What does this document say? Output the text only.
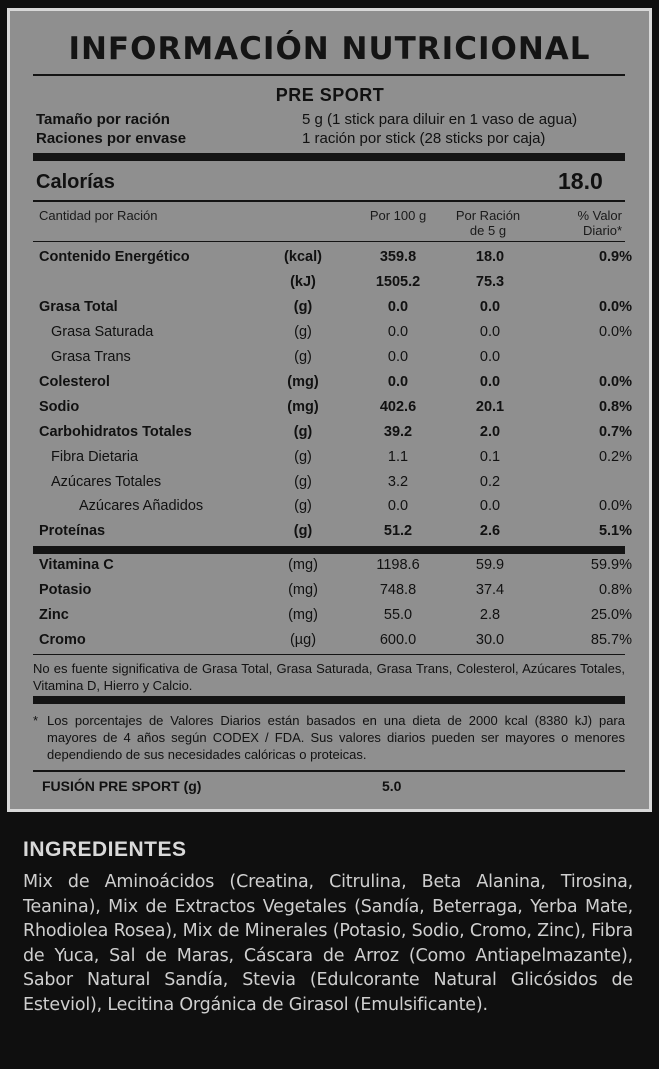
INFORMACIÓN NUTRICIONAL
PRE SPORT
Tamaño por ración	5 g (1 stick para diluir en 1 vaso de agua)
Raciones por envase	1 ración por stick (28 sticks por caja)
Calorías	18.0
Cantidad por Ración	Por 100 g	Por Ración
de 5 g
% Valor
Diario*
Contenido Energético	(kcal)	359.8	18.0	0.9%
(kJ)	1505.2	75.3
Grasa Total	(g)	0.0	0.0	0.0%
Grasa Saturada	(g)	0.0	0.0	0.0%
Grasa Trans	(g)	0.0	0.0
Colesterol	(mg)	0.0	0.0	0.0%
Sodio	(mg)	402.6	20.1	0.8%
Carbohidratos Totales	(g)	39.2	2.0	0.7%
Fibra Dietaria	(g)	1.1	0.1	0.2%
Azúcares Totales	(g)	3.2	0.2
Azúcares Añadidos	(g)	0.0	0.0	0.0%
Proteínas	(g)	51.2	2.6	5.1%
Vitamina C	(mg)	1198.6	59.9	59.9%
Potasio	(mg)	748.8	37.4	0.8%
Zinc	(mg)	55.0	2.8	25.0%
Cromo	(µg)	600.0	30.0	85.7%
No es fuente significativa de Grasa Total, Grasa Saturada, Grasa Trans, Colesterol, Azúcares Totales, Vitamina D, Hierro y Calcio.
* Los porcentajes de Valores Diarios están basados en una dieta de 2000 kcal (8380 kJ) para mayores de 4 años según CODEX / FDA. Sus valores diarios pueden ser mayores o menores dependiendo de sus necesidades calóricas o proteicas.
FUSIÓN PRE SPORT (g)	5.0
INGREDIENTES
Mix de Aminoácidos (Creatina, Citrulina, Beta Alanina, Tirosina, Teanina), Mix de Extractos Vegetales (Sandía, Beterraga, Yerba Mate, Rhodiolea Rosea), Mix de Minerales (Potasio, Sodio, Cromo, Zinc), Fibra de Yuca, Sal de Maras, Cáscara de Arroz (Como Antiapelmazante), Sabor Natural Sandía, Stevia (Edulcorante Natural Glicósidos de Esteviol), Lecitina Orgánica de Girasol (Emulsificante).
